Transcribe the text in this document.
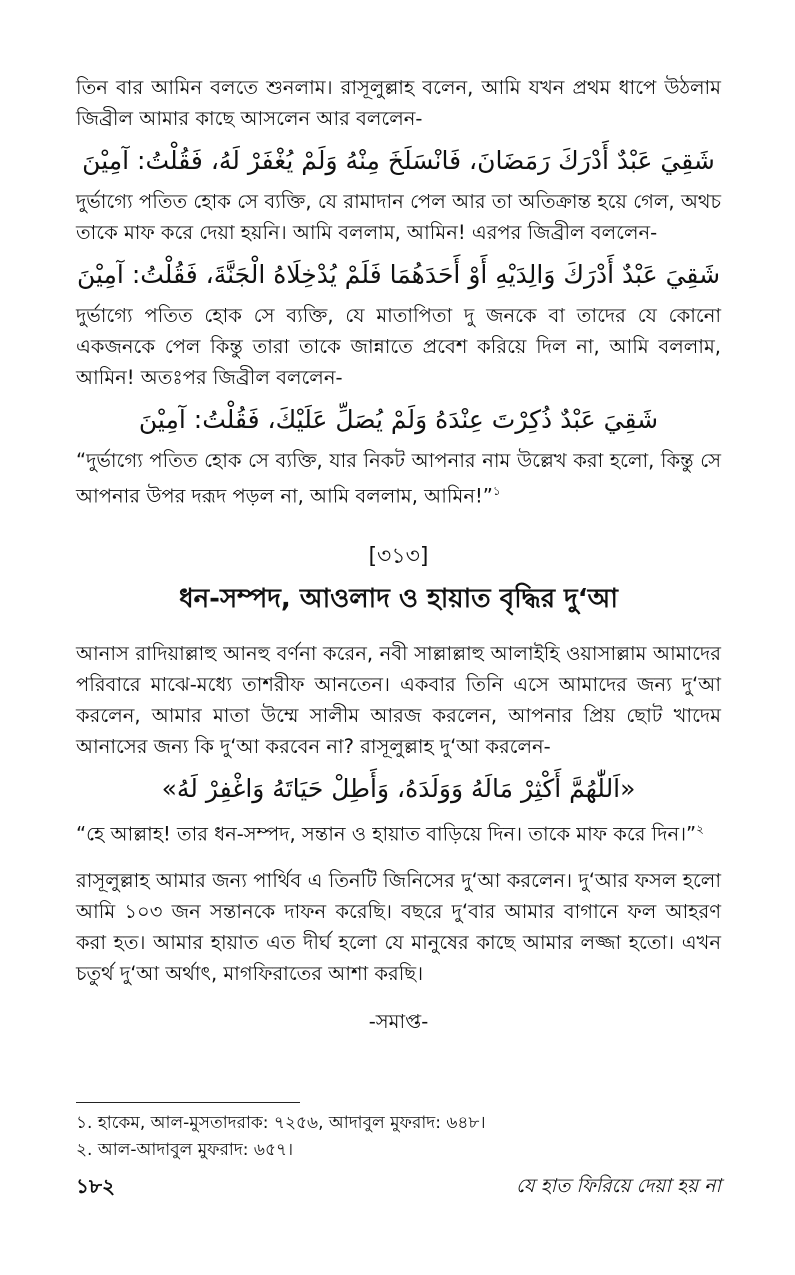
তিন বার আমিন বলতে শুনলাম। রাসূলুল্লাহ বলেন, আমি যখন প্রথম ধাপে উঠলাম জিব্রীল আমার কাছে আসলেন আর বললেন-

شَقِيَ عَبْدٌ أَدْرَكَ رَمَضَانَ، فَانْسَلَخَ مِنْهُ وَلَمْ يُغْفَرْ لَهُ، فَقُلْتُ: آمِيْنَ

দুর্ভাগ্যে পতিত হোক সে ব্যক্তি, যে রামাদান পেল আর তা অতিক্রান্ত হয়ে গেল, অথচ তাকে মাফ করে দেয়া হয়নি। আমি বললাম, আমিন! এরপর জিব্রীল বললেন-

شَقِيَ عَبْدٌ أَدْرَكَ وَالِدَيْهِ أَوْ أَحَدَهُمَا فَلَمْ يُدْخِلَاهُ الْجَنَّةَ، فَقُلْتُ: آمِيْنَ

দুর্ভাগ্যে পতিত হোক সে ব্যক্তি, যে মাতাপিতা দু জনকে বা তাদের যে কোনো একজনকে পেল কিন্তু তারা তাকে জান্নাতে প্রবেশ করিয়ে দিল না, আমি বললাম, আমিন! অতঃপর জিব্রীল বললেন-

شَقِيَ عَبْدٌ ذُكِرْتَ عِنْدَهُ وَلَمْ يُصَلِّ عَلَيْكَ، فَقُلْتُ: آمِيْنَ

“দুর্ভাগ্যে পতিত হোক সে ব্যক্তি, যার নিকট আপনার নাম উল্লেখ করা হলো, কিন্তু সে আপনার উপর দরূদ পড়ল না, আমি বললাম, আমিন!”$^১$

[৩১৩]

ধন-সম্পদ, আওলাদ ও হায়াত বৃদ্ধির দু‘আ

আনাস রাদিয়াল্লাহু আনহু বর্ণনা করেন, নবী সাল্লাল্লাহু আলাইহি ওয়াসাল্লাম আমাদের পরিবারে মাঝে-মধ্যে তাশরীফ আনতেন। একবার তিনি এসে আমাদের জন্য দু‘আ করলেন, আমার মাতা উম্মে সালীম আরজ করলেন, আপনার প্রিয় ছোট খাদেম আনাসের জন্য কি দু‘আ করবেন না? রাসূলুল্লাহ দু‘আ করলেন-

«اَللّٰهُمَّ أَكْثِرْ مَالَهُ وَوَلَدَهُ، وَأَطِلْ حَيَاتَهُ وَاغْفِرْ لَهُ»

“হে আল্লাহ! তার ধন-সম্পদ, সন্তান ও হায়াত বাড়িয়ে দিন। তাকে মাফ করে দিন।”$^২$

রাসূলুল্লাহ আমার জন্য পার্থিব এ তিনটি জিনিসের দু‘আ করলেন। দু‘আর ফসল হলো আমি ১০৩ জন সন্তানকে দাফন করেছি। বছরে দু‘বার আমার বাগানে ফল আহরণ করা হত। আমার হায়াত এত দীর্ঘ হলো যে মানুষের কাছে আমার লজ্জা হতো। এখন চতুর্থ দু‘আ অর্থাৎ, মাগফিরাতের আশা করছি।

-সমাপ্ত-

১. হাকেম, আল-মুসতাদরাক: ৭২৫৬, আদাবুল মুফরাদ: ৬৪৮।

২. আল-আদাবুল মুফরাদ: ৬৫৭।

১৮২	যে হাত ফিরিয়ে দেয়া হয় না
